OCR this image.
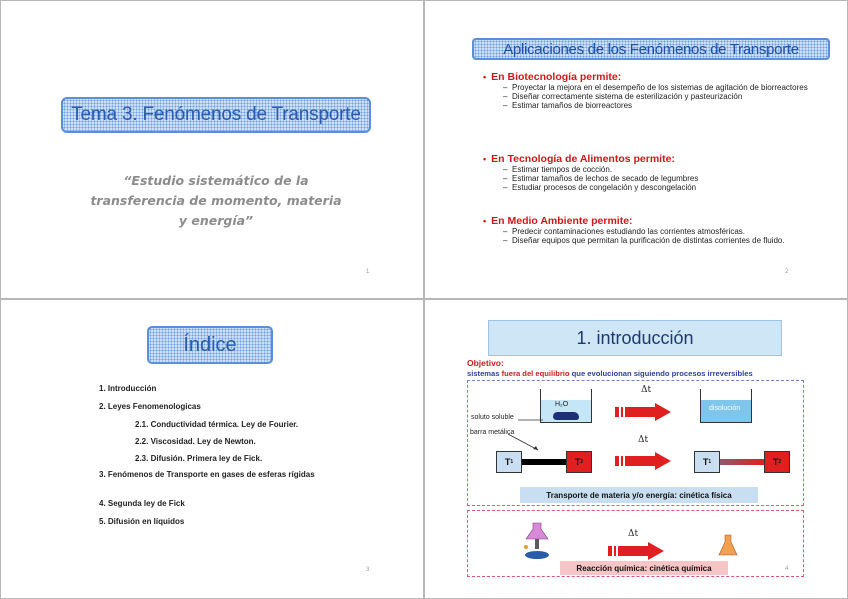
Tema 3. Fenómenos de Transporte
“Estudio sistemático de la
transferencia de momento, materia
y energía”
1
Aplicaciones de los Fenómenos de Transporte
• En Biotecnología permite:
– Proyectar la mejora en el desempeño de los sistemas de agitación de biorreactores
– Diseñar correctamente sistema de esterilización y pasteurización
– Estimar tamaños de biorreactores
• En Tecnología de Alimentos permite:
– Estimar tiempos de cocción.
– Estimar tamaños de lechos de secado de legumbres
– Estudiar procesos de congelación y descongelación
• En Medio Ambiente permite:
– Predecir contaminaciones estudiando las corrientes atmosféricas.
– Diseñar equipos que permitan la purificación de distintas corrientes de fluido.
2
Índice
1. Introducción
2. Leyes Fenomenologicas
2.1. Conductividad térmica. Ley de Fourier.
2.2. Viscosidad. Ley de Newton.
2.3. Difusión. Primera ley de Fick.
3. Fenómenos de Transporte en gases de esferas rígidas
4. Segunda ley de Fick
5. Difusión en líquidos
3
1. introducción
Objetivo:
sistemas fuera del equilibrio que evolucionan siguiendo procesos irreversibles
H₂O
soluto soluble
Δt
disolución
barra metálica
T 1	T 2
Δt
T 1	T 2
Transporte de materia y/o energía: cinética física
Δt
Reacción química: cinética química	4
